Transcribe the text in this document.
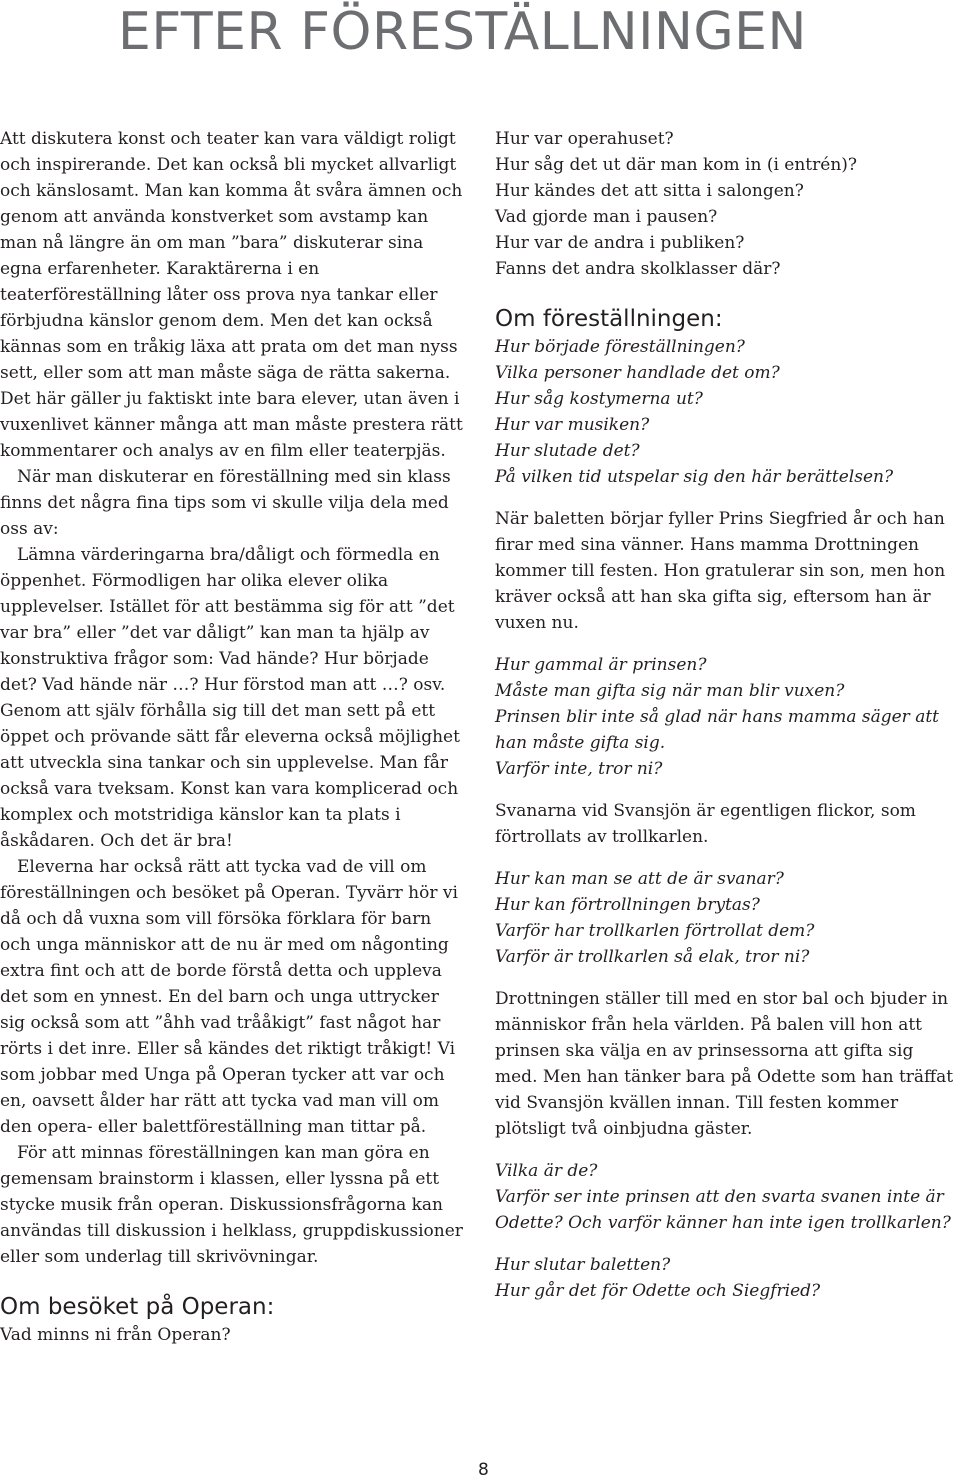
EFTER FÖRESTÄLLNINGEN

Att diskutera konst och teater kan vara väldigt roligt och inspirerande. Det kan också bli mycket allvarligt och känslosamt. Man kan komma åt svåra ämnen och genom att använda konstverket som avstamp kan man nå längre än om man ”bara” diskuterar sina egna erfarenheter. Karaktärerna i en teaterföreställning låter oss prova nya tankar eller förbjudna känslor genom dem. Men det kan också kännas som en tråkig läxa att prata om det man nyss sett, eller som att man måste säga de rätta sakerna. Det här gäller ju faktiskt inte bara elever, utan även i vuxenlivet känner många att man måste prestera rätt kommentarer och analys av en film eller teaterpjäs.

När man diskuterar en föreställning med sin klass finns det några fina tips som vi skulle vilja dela med oss av:

Lämna värderingarna bra/dåligt och förmedla en öppenhet. Förmodligen har olika elever olika upplevelser. Istället för att bestämma sig för att ”det var bra” eller ”det var dåligt” kan man ta hjälp av konstruktiva frågor som: Vad hände? Hur började det? Vad hände när …? Hur förstod man att …? osv. Genom att själv förhålla sig till det man sett på ett öppet och prövande sätt får eleverna också möjlighet att utveckla sina tankar och sin upplevelse. Man får också vara tveksam. Konst kan vara komplicerad och komplex och motstridiga känslor kan ta plats i åskådaren. Och det är bra!

Eleverna har också rätt att tycka vad de vill om föreställningen och besöket på Operan. Tyvärr hör vi då och då vuxna som vill försöka förklara för barn och unga människor att de nu är med om någonting extra fint och att de borde förstå detta och uppleva det som en ynnest. En del barn och unga uttrycker sig också som att ”åhh vad trååkigt” fast något har rörts i det inre. Eller så kändes det riktigt tråkigt! Vi som jobbar med Unga på Operan tycker att var och en, oavsett ålder har rätt att tycka vad man vill om den opera- eller balettföreställning man tittar på.

För att minnas föreställningen kan man göra en gemensam brainstorm i klassen, eller lyssna på ett stycke musik från operan. Diskussionsfrågorna kan användas till diskussion i helklass, gruppdiskussioner eller som underlag till skrivövningar.

Om besöket på Operan:

Vad minns ni från Operan?

Hur var operahuset?

Hur såg det ut där man kom in (i entrén)?

Hur kändes det att sitta i salongen?

Vad gjorde man i pausen?

Hur var de andra i publiken?

Fanns det andra skolklasser där?

Om föreställningen:

Hur började föreställningen?

Vilka personer handlade det om?

Hur såg kostymerna ut?

Hur var musiken?

Hur slutade det?

På vilken tid utspelar sig den här berättelsen?

När baletten börjar fyller Prins Siegfried år och han firar med sina vänner. Hans mamma Drottningen kommer till festen. Hon gratulerar sin son, men hon kräver också att han ska gifta sig, eftersom han är vuxen nu.

Hur gammal är prinsen?

Måste man gifta sig när man blir vuxen?

Prinsen blir inte så glad när hans mamma säger att han måste gifta sig.

Varför inte, tror ni?

Svanarna vid Svansjön är egentligen flickor, som förtrollats av trollkarlen.

Hur kan man se att de är svanar?

Hur kan förtrollningen brytas?

Varför har trollkarlen förtrollat dem?

Varför är trollkarlen så elak, tror ni?

Drottningen ställer till med en stor bal och bjuder in människor från hela världen. På balen vill hon att prinsen ska välja en av prinsessorna att gifta sig med. Men han tänker bara på Odette som han träffat vid Svansjön kvällen innan. Till festen kommer plötsligt två oinbjudna gäster.

Vilka är de?

Varför ser inte prinsen att den svarta svanen inte är Odette? Och varför känner han inte igen trollkarlen?

Hur slutar baletten?

Hur går det för Odette och Siegfried?

8
